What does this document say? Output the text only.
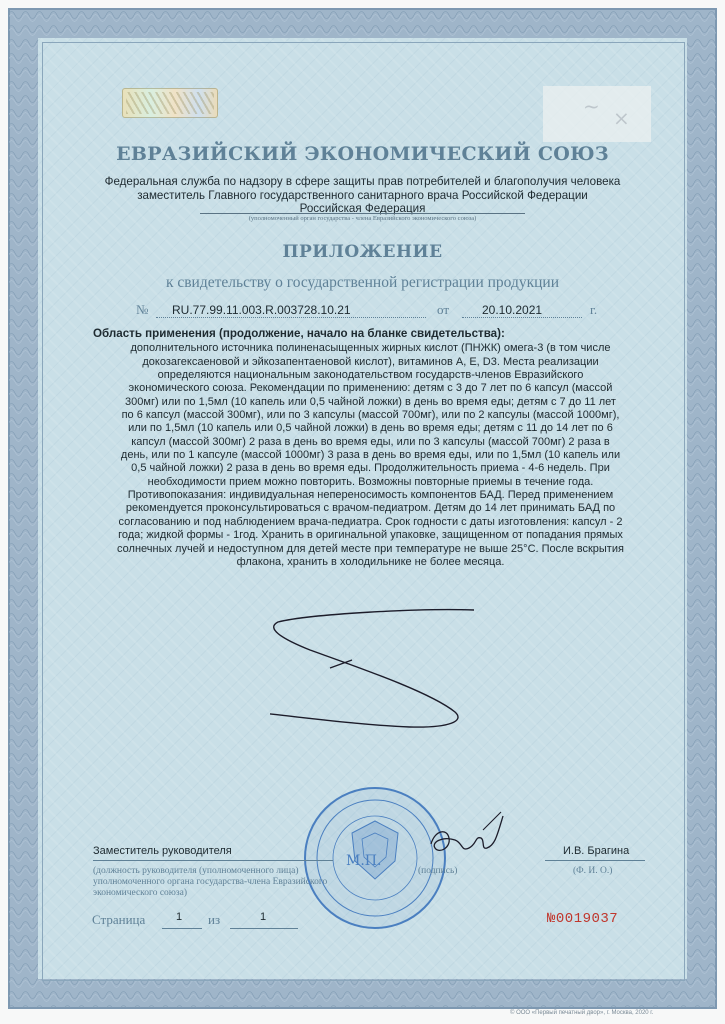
~ ×
ЕВРАЗИЙСКИЙ ЭКОНОМИЧЕСКИЙ СОЮЗ
Федеральная служба по надзору в сфере защиты прав потребителей и благополучия человека
заместитель Главного государственного санитарного врача Российской Федерации
Российская Федерация
(уполномоченный орган государства - члена Евразийского экономического союза)
ПРИЛОЖЕНИЕ
к свидетельству о государственной регистрации продукции
№ RU.77.99.11.003.R.003728.10.21	от	20.10.2021	г.
Область применения (продолжение, начало на бланке свидетельства):
дополнительного источника полиненасыщенных жирных кислот (ПНЖК) омега-3 (в том числе
докозагексаеновой и эйкозапентаеновой кислот), витаминов А, Е, D3. Места реализации
определяются национальным законодательством государств-членов Евразийского
экономического союза. Рекомендации по применению: детям с 3 до 7 лет по 6 капсул (массой
300мг) или по 1,5мл (10 капель или 0,5 чайной ложки) в день во время еды; детям с 7 до 11 лет
по 6 капсул (массой 300мг), или по 3 капсулы (массой 700мг), или по 2 капсулы (массой 1000мг),
или по 1,5мл (10 капель или 0,5 чайной ложки) в день во время еды; детям с 11 до 14 лет по 6
капсул (массой 300мг) 2 раза в день во время еды, или по 3 капсулы (массой 700мг) 2 раза в
день, или по 1 капсуле (массой 1000мг) 3 раза в день во время еды, или по 1,5мл (10 капель или
0,5 чайной ложки) 2 раза в день во время еды. Продолжительность приема - 4-6 недель. При
необходимости прием можно повторить. Возможны повторные приемы в течение года.
Противопоказания: индивидуальная непереносимость компонентов БАД. Перед применением
рекомендуется проконсультироваться с врачом-педиатром. Детям до 14 лет принимать БАД по
согласованию и под наблюдением врача-педиатра. Срок годности с даты изготовления: капсул - 2
года; жидкой формы - 1год. Хранить в оригинальной упаковке, защищенном от попадания прямых
солнечных лучей и недоступном для детей месте при температуре не выше 25°С. После вскрытия
флакона, хранить в холодильнике не более месяца.
М.П.
Заместитель руководителя	И.В. Брагина
(должность руководителя (уполномоченного лица) уполномоченного органа государства-члена Евразийского экономического союза)
(подпись)	(Ф. И. О.)
Страница	1 из	1	№0019037
© ООО «Первый печатный двор», г. Москва, 2020 г.
